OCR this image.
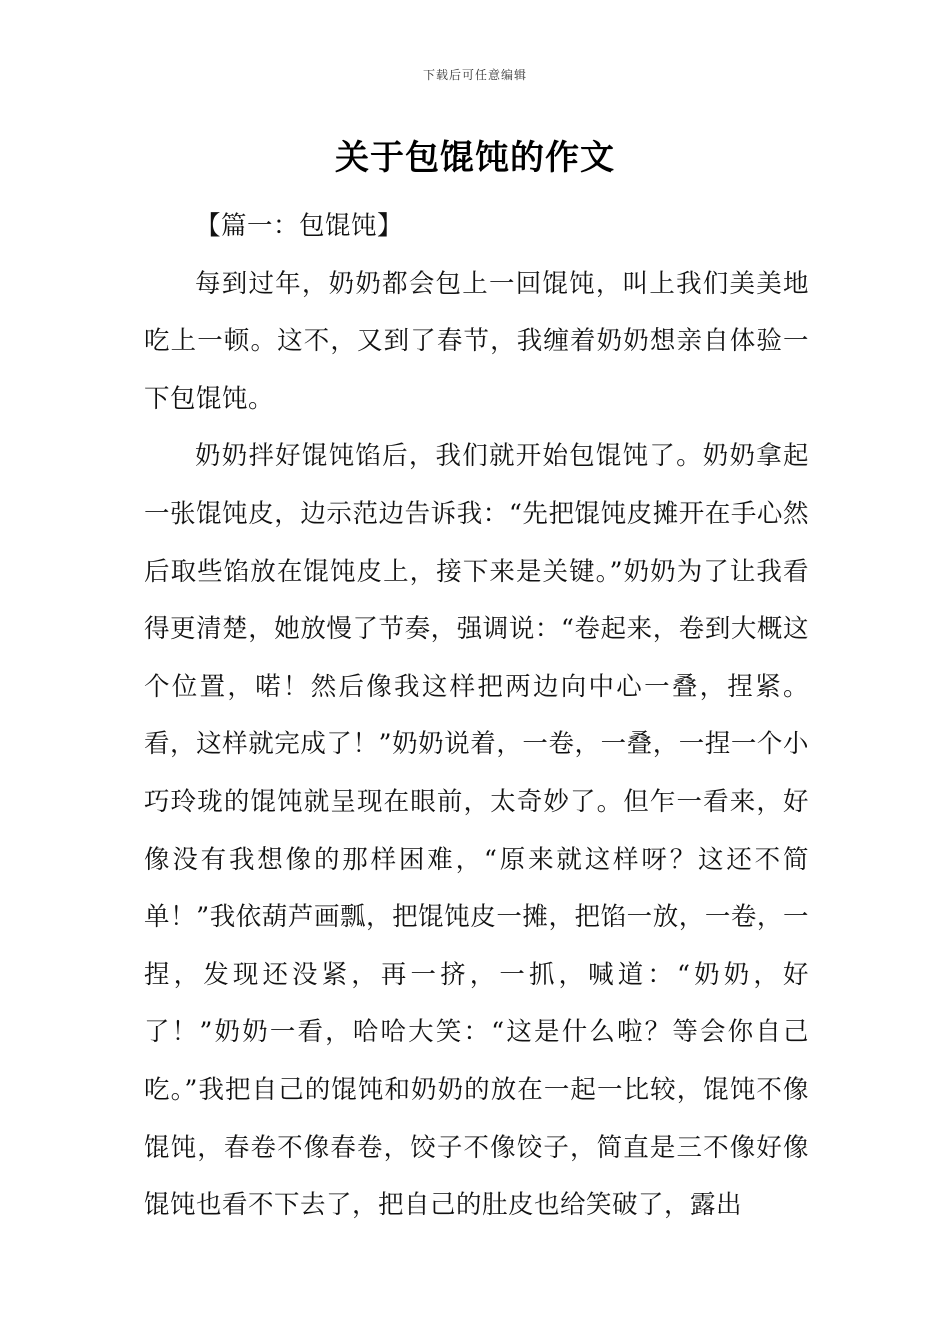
下载后可任意编辑
关于包馄饨的作文

【篇一：包馄饨】

每到过年，奶奶都会包上一回馄饨，叫上我们美美地吃上一顿。这不，又到了春节，我缠着奶奶想亲自体验一下包馄饨。

奶奶拌好馄饨馅后，我们就开始包馄饨了。奶奶拿起一张馄饨皮，边示范边告诉我：“先把馄饨皮摊开在手心然后取些馅放在馄饨皮上，接下来是关键。”奶奶为了让我看得更清楚，她放慢了节奏，强调说：“卷起来，卷到大概这个位置，喏！然后像我这样把两边向中心一叠，捏紧。看，这样就完成了！”奶奶说着，一卷，一叠，一捏一个小巧玲珑的馄饨就呈现在眼前，太奇妙了。但乍一看来，好像没有我想像的那样困难，“原来就这样呀？这还不简单！”我依葫芦画瓢，把馄饨皮一摊，把馅一放，一卷，一捏，发现还没紧，再一挤，一抓，喊道：“奶奶，好了！”奶奶一看，哈哈大笑：“这是什么啦？等会你自己吃。”我把自己的馄饨和奶奶的放在一起一比较，馄饨不像馄饨，春卷不像春卷，饺子不像饺子，简直是三不像好像馄饨也看不下去了，把自己的肚皮也给笑破了，露出
